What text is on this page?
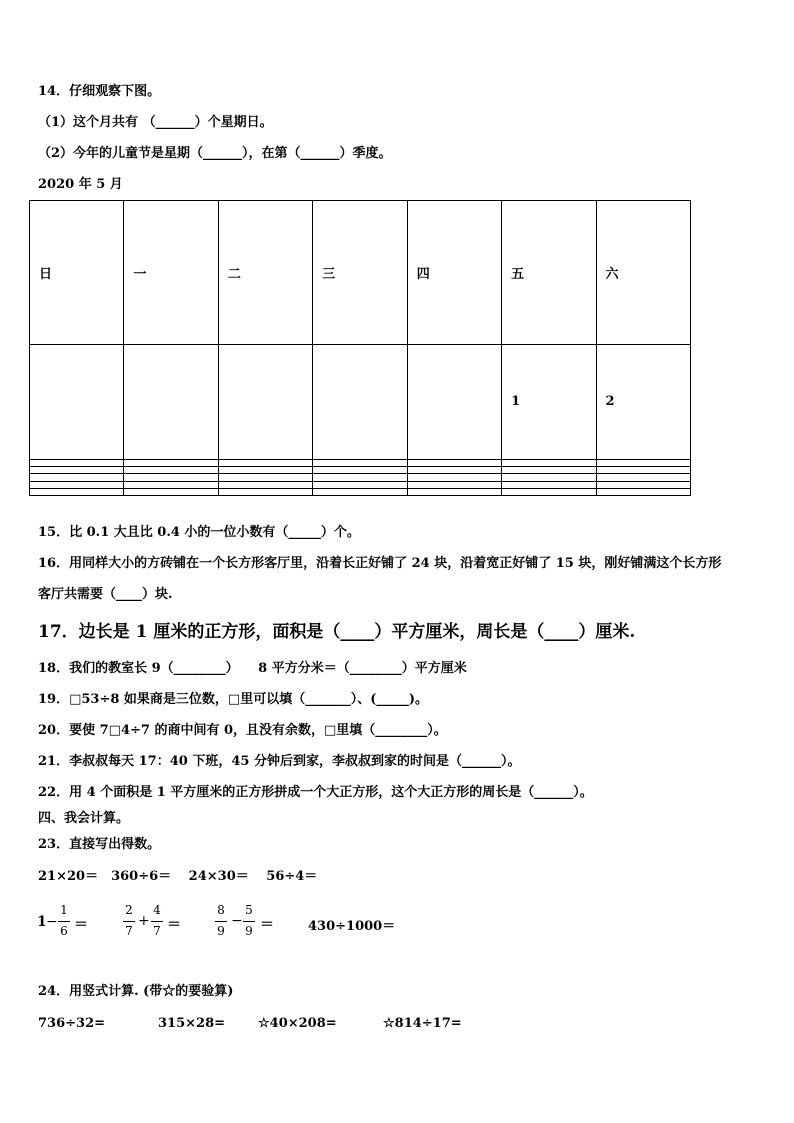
14．仔细观察下图。
（1）这个月共有 （______）个星期日。
（2）今年的儿童节是星期（______），在第（______）季度。
2020 年 5 月
日	一	二	三	四	五	六
					1	2

15．比 0.1 大且比 0.4 小的一位小数有（_____）个。
16．用同样大小的方砖铺在一个长方形客厅里，沿着长正好铺了 24 块，沿着宽正好铺了 15 块，刚好铺满这个长方形
客厅共需要（____）块.
17．边长是 1 厘米的正方形，面积是（____）平方厘米，周长是（____）厘米.
18．我们的教室长 9（________）　　8 平方分米＝（________）平方厘米
19．□53÷8 如果商是三位数，□里可以填（_______）、(_____)。
20．要使 7□4÷7 的商中间有 0，且没有余数，□里填（________）。
21．李叔叔每天 17：40 下班，45 分钟后到家，李叔叔到家的时间是（______）。
22．用 4 个面积是 1 平方厘米的正方形拼成一个大正方形，这个大正方形的周长是（______）。
四、我会计算。
23．直接写出得数。
21×20＝　360÷6＝　 24×30＝　 56÷4＝
1 −
1
6 ＝
2
7
+
4
7 ＝
8
9
−
5
9 ＝	430÷1000＝
24．用竖式计算. (带☆的要验算)
736÷32=	315×28=	☆40×208=	☆814÷17=
